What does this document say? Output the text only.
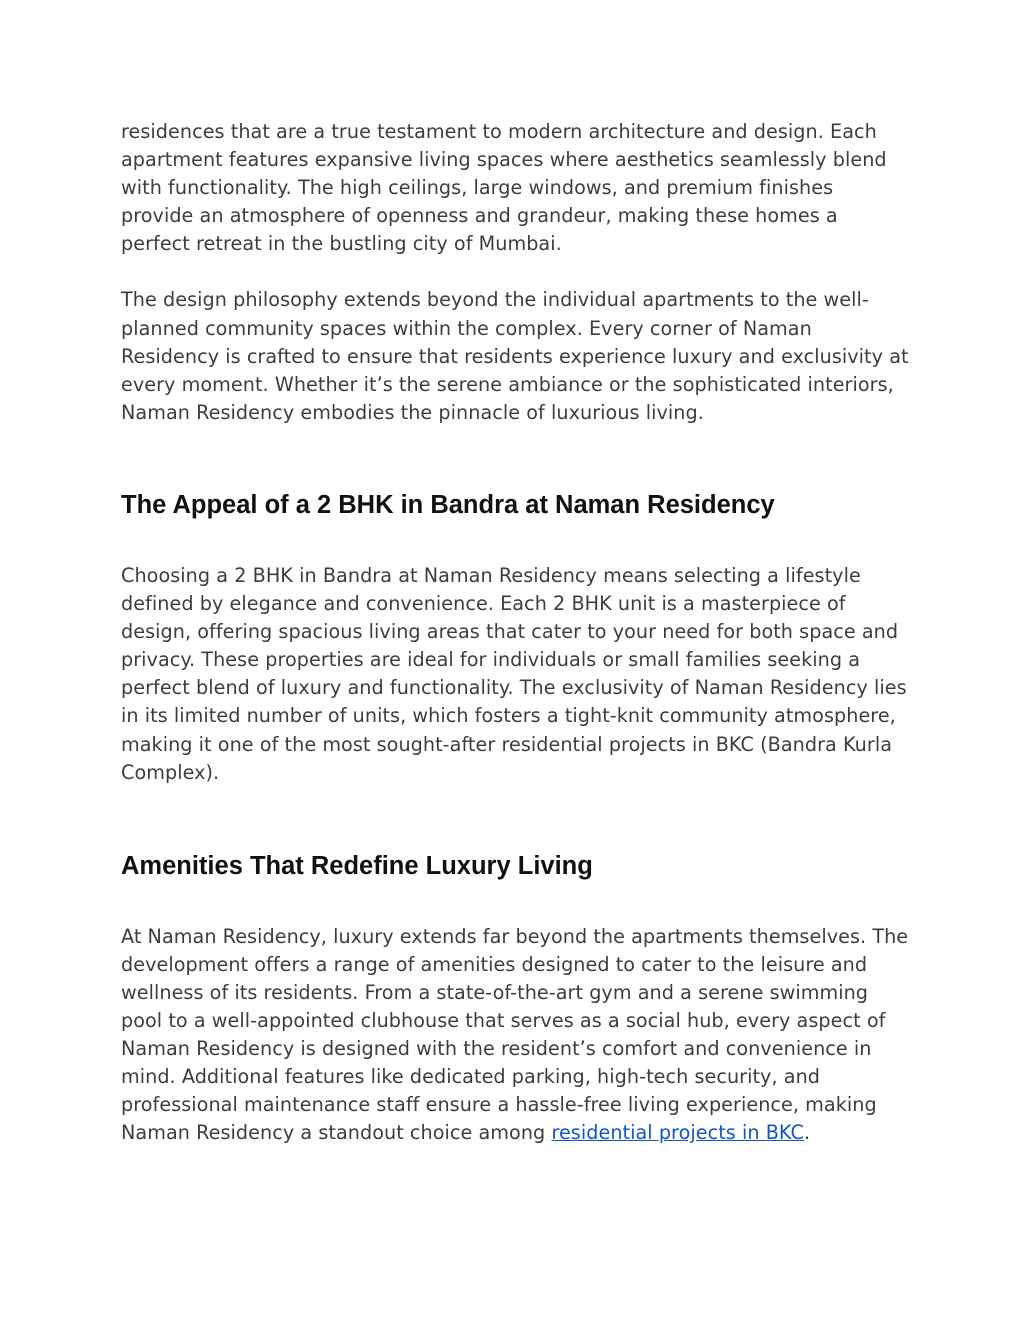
residences that are a true testament to modern architecture and design. Each apartment features expansive living spaces where aesthetics seamlessly blend with functionality. The high ceilings, large windows, and premium finishes provide an atmosphere of openness and grandeur, making these homes a perfect retreat in the bustling city of Mumbai.

The design philosophy extends beyond the individual apartments to the well-planned community spaces within the complex. Every corner of Naman Residency is crafted to ensure that residents experience luxury and exclusivity at every moment. Whether it’s the serene ambiance or the sophisticated interiors, Naman Residency embodies the pinnacle of luxurious living.

The Appeal of a 2 BHK in Bandra at Naman Residency

Choosing a 2 BHK in Bandra at Naman Residency means selecting a lifestyle defined by elegance and convenience. Each 2 BHK unit is a masterpiece of design, offering spacious living areas that cater to your need for both space and privacy. These properties are ideal for individuals or small families seeking a perfect blend of luxury and functionality. The exclusivity of Naman Residency lies in its limited number of units, which fosters a tight-knit community atmosphere, making it one of the most sought-after residential projects in BKC (Bandra Kurla Complex).

Amenities That Redefine Luxury Living

At Naman Residency, luxury extends far beyond the apartments themselves. The development offers a range of amenities designed to cater to the leisure and wellness of its residents. From a state-of-the-art gym and a serene swimming pool to a well-appointed clubhouse that serves as a social hub, every aspect of Naman Residency is designed with the resident’s comfort and convenience in mind. Additional features like dedicated parking, high-tech security, and professional maintenance staff ensure a hassle-free living experience, making Naman Residency a standout choice among residential projects in BKC.
